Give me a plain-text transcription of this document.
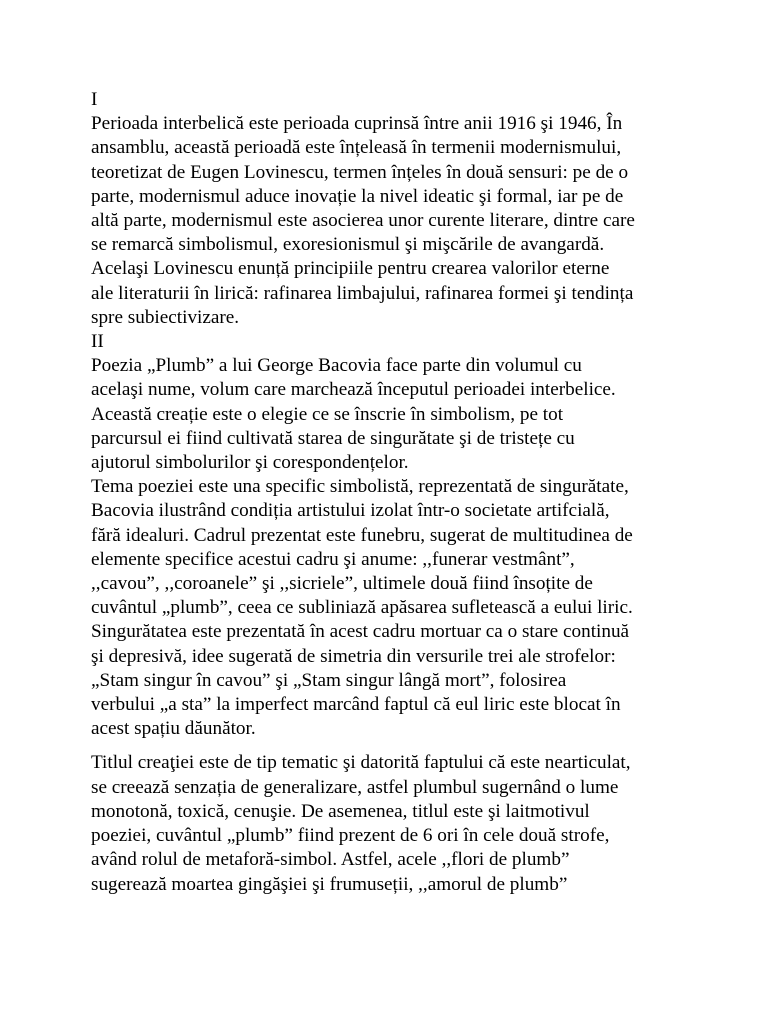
I
Perioada interbelică este perioada cuprinsă între anii 1916 şi 1946, În
ansamblu, această perioadă este înțeleasă în termenii modernismului,
teoretizat de Eugen Lovinescu, termen înțeles în două sensuri: pe de o
parte, modernismul aduce inovație la nivel ideatic şi formal, iar pe de
altă parte, modernismul este asocierea unor curente literare, dintre care
se remarcă simbolismul, exoresionismul şi mişcările de avangardă.
Acelaşi Lovinescu enunță principiile pentru crearea valorilor eterne
ale literaturii în lirică: rafinarea limbajului, rafinarea formei şi tendința
spre subiectivizare.
II
Poezia „Plumb” a lui George Bacovia face parte din volumul cu
acelaşi nume, volum care marchează începutul perioadei interbelice.
Această creație este o elegie ce se înscrie în simbolism, pe tot
parcursul ei fiind cultivată starea de singurătate şi de tristețe cu
ajutorul simbolurilor şi corespondențelor.
Tema poeziei este una specific simbolistă, reprezentată de singurătate,
Bacovia ilustrând condiția artistului izolat într-o societate artifcială,
fără idealuri. Cadrul prezentat este funebru, sugerat de multitudinea de
elemente specifice acestui cadru şi anume: ,,funerar vestmânt”,
,,cavou”, ,,coroanele” şi ,,sicriele”, ultimele două fiind însoțite de
cuvântul „plumb”, ceea ce subliniază apăsarea sufletească a eului liric.
Singurătatea este prezentată în acest cadru mortuar ca o stare continuă
şi depresivă, idee sugerată de simetria din versurile trei ale strofelor:
„Stam singur în cavou” şi „Stam singur lângă mort”, folosirea
verbului „a sta” la imperfect marcând faptul că eul liric este blocat în
acest spațiu dăunător.
Titlul creaţiei este de tip tematic şi datorită faptului că este nearticulat,
se creează senzația de generalizare, astfel plumbul sugernând o lume
monotonă, toxică, cenuşie. De asemenea, titlul este şi laitmotivul
poeziei, cuvântul „plumb” fiind prezent de 6 ori în cele două strofe,
având rolul de metaforă-simbol. Astfel, acele ,,flori de plumb”
sugerează moartea gingăşiei şi frumuseții, ,,amorul de plumb”
